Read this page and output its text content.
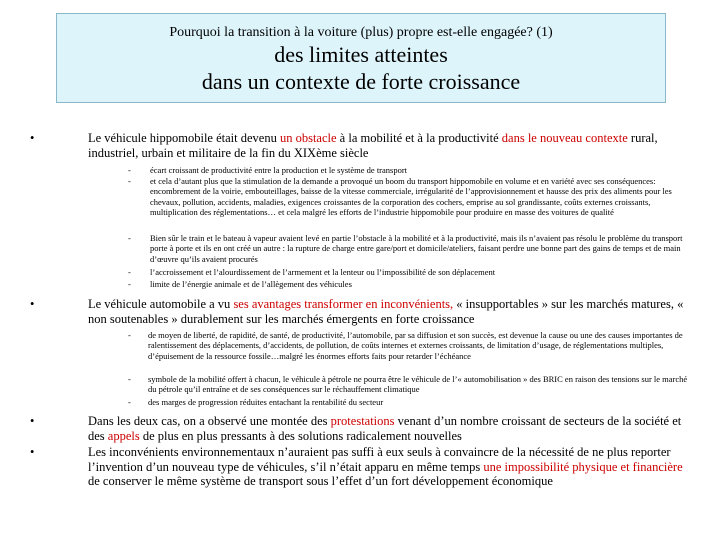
Pourquoi la transition à la voiture (plus) propre est-elle engagée? (1)
des limites atteintes
dans un contexte de forte croissance
•	Le véhicule hippomobile était devenu un obstacle à la mobilité et à la productivité dans le nouveau contexte rural, industriel, urbain et militaire de la fin du XIXème siècle
- écart croissant de productivité entre la production et le système de transport
- et cela d’autant plus que la stimulation de la demande a provoqué un boom du transport hippomobile en volume et en variété avec ses conséquences: encombrement de la voirie, embouteillages, baisse de la vitesse commerciale, irrégularité de l’approvisionnement et hausse des prix des aliments pour les chevaux, pollution, accidents, maladies, exigences croissantes de la corporation des cochers, emprise au sol grandissante, coûts externes croissants, multiplication des réglementations… et cela malgré les efforts de l’industrie hippomobile pour produire en masse des voitures de qualité
- Bien sûr le train et le bateau à vapeur avaient levé en partie l’obstacle à la mobilité et à la productivité, mais ils n’avaient pas résolu le problème du transport porte à porte et ils en ont créé un autre : la rupture de charge entre gare/port et domicile/ateliers, faisant perdre une bonne part des gains de temps et de main d’œuvre qu’ils avaient procurés
- l’accroissement et l’alourdissement de l’armement et la lenteur ou l’impossibilité de son déplacement
- limite de l’énergie animale et de l’allègement des véhicules
•	Le véhicule automobile a vu ses avantages transformer en inconvénients, « insupportables » sur les marchés matures, « non soutenables » durablement sur les marchés émergents en forte croissance
- de moyen de liberté, de rapidité, de santé, de productivité, l’automobile, par sa diffusion et son succès, est devenue la cause ou une des causes importantes de ralentissement des déplacements, d’accidents, de pollution, de coûts internes et externes croissants, de limitation d’usage, de réglementations multiples, d’épuisement de la ressource fossile…malgré les énormes efforts faits pour retarder l’échéance
- symbole de la mobilité offert à chacun, le véhicule à pétrole ne pourra être le véhicule de l’« automobilisation » des BRIC en raison des tensions sur le marché du pétrole qu’il entraîne et de ses conséquences sur le réchauffement climatique
- des marges de progression réduites entachant la rentabilité du secteur
•	Dans les deux cas, on a observé une montée des protestations venant d’un nombre croissant de secteurs de la société et des appels de plus en plus pressants à des solutions radicalement nouvelles
•	Les inconvénients environnementaux n’auraient pas suffi à eux seuls à convaincre de la nécessité de ne plus reporter l’invention d’un nouveau type de véhicules, s’il n’était apparu en même temps une impossibilité physique et financière de conserver le même système de transport sous l’effet d’un fort développement économique
